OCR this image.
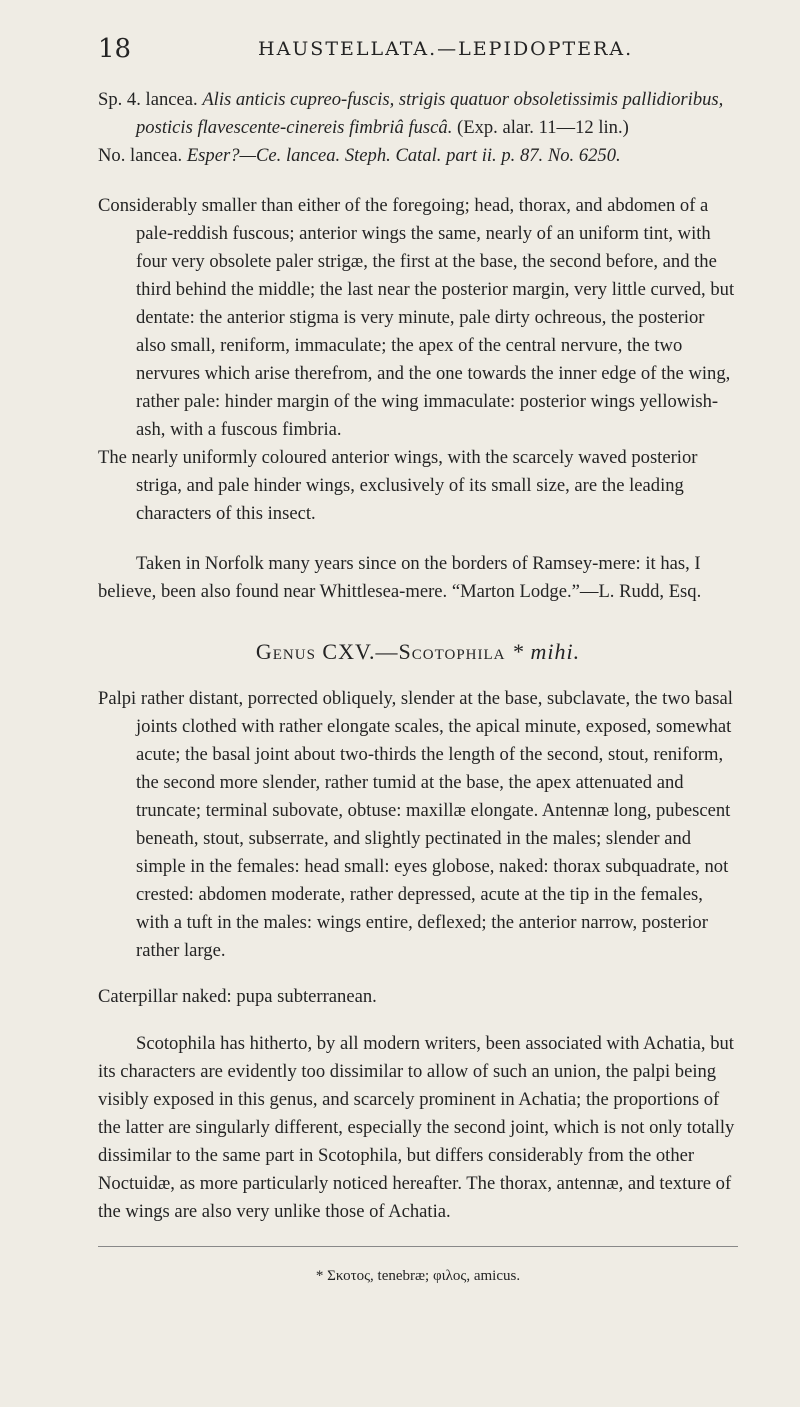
18	HAUSTELLATA.—LEPIDOPTERA.

Sp. 4. lancea. Alis anticis cupreo-fuscis, strigis quatuor obsoletissimis pallidioribus, posticis flavescente-cinereis fimbriâ fuscâ. (Exp. alar. 11—12 lin.)

No. lancea. Esper?—Ce. lancea. Steph. Catal. part ii. p. 87. No. 6250.

Considerably smaller than either of the foregoing; head, thorax, and abdomen of a pale-reddish fuscous; anterior wings the same, nearly of an uniform tint, with four very obsolete paler strigæ, the first at the base, the second before, and the third behind the middle; the last near the posterior margin, very little curved, but dentate: the anterior stigma is very minute, pale dirty ochreous, the posterior also small, reniform, immaculate; the apex of the central nervure, the two nervures which arise therefrom, and the one towards the inner edge of the wing, rather pale: hinder margin of the wing immaculate: posterior wings yellowish-ash, with a fuscous fimbria.

The nearly uniformly coloured anterior wings, with the scarcely waved posterior striga, and pale hinder wings, exclusively of its small size, are the leading characters of this insect.

Taken in Norfolk many years since on the borders of Ramsey-mere: it has, I believe, been also found near Whittlesea-mere. “Marton Lodge.”—L. Rudd, Esq.

Genus CXV.—Scotophila * mihi.

Palpi rather distant, porrected obliquely, slender at the base, subclavate, the two basal joints clothed with rather elongate scales, the apical minute, exposed, somewhat acute; the basal joint about two-thirds the length of the second, stout, reniform, the second more slender, rather tumid at the base, the apex attenuated and truncate; terminal subovate, obtuse: maxillæ elongate. Antennæ long, pubescent beneath, stout, subserrate, and slightly pectinated in the males; slender and simple in the females: head small: eyes globose, naked: thorax subquadrate, not crested: abdomen moderate, rather depressed, acute at the tip in the females, with a tuft in the males: wings entire, deflexed; the anterior narrow, posterior rather large.

Caterpillar naked: pupa subterranean.

Scotophila has hitherto, by all modern writers, been associated with Achatia, but its characters are evidently too dissimilar to allow of such an union, the palpi being visibly exposed in this genus, and scarcely prominent in Achatia; the proportions of the latter are singularly different, especially the second joint, which is not only totally dissimilar to the same part in Scotophila, but differs considerably from the other Noctuidæ, as more particularly noticed hereafter. The thorax, antennæ, and texture of the wings are also very unlike those of Achatia.

* Σκοτος, tenebræ; φιλος, amicus.
